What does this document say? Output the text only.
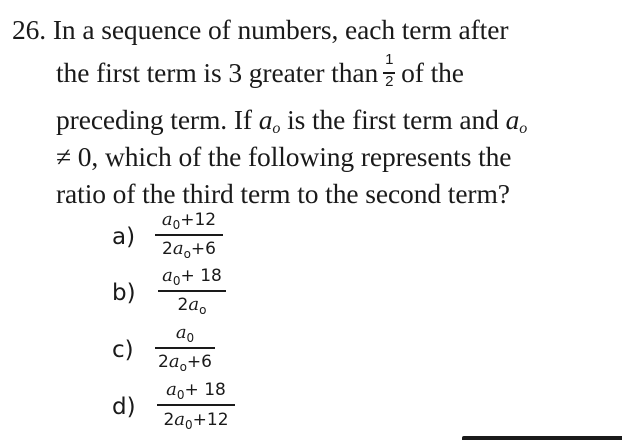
26. In a sequence of numbers, each term after
the first term is 3 greater than $\frac{1}{2}$ of the
preceding term. If ao is the first term and ao
≠ 0, which of the following represents the
ratio of the third term to the second term?
a)
$a_0+12$
$2a_o+6$
b)
$a_0+ 18$
$2a_o$
c)
$a_0$
$2a_o+6$
d)
$a_0+ 18$
$2a_0+12$
